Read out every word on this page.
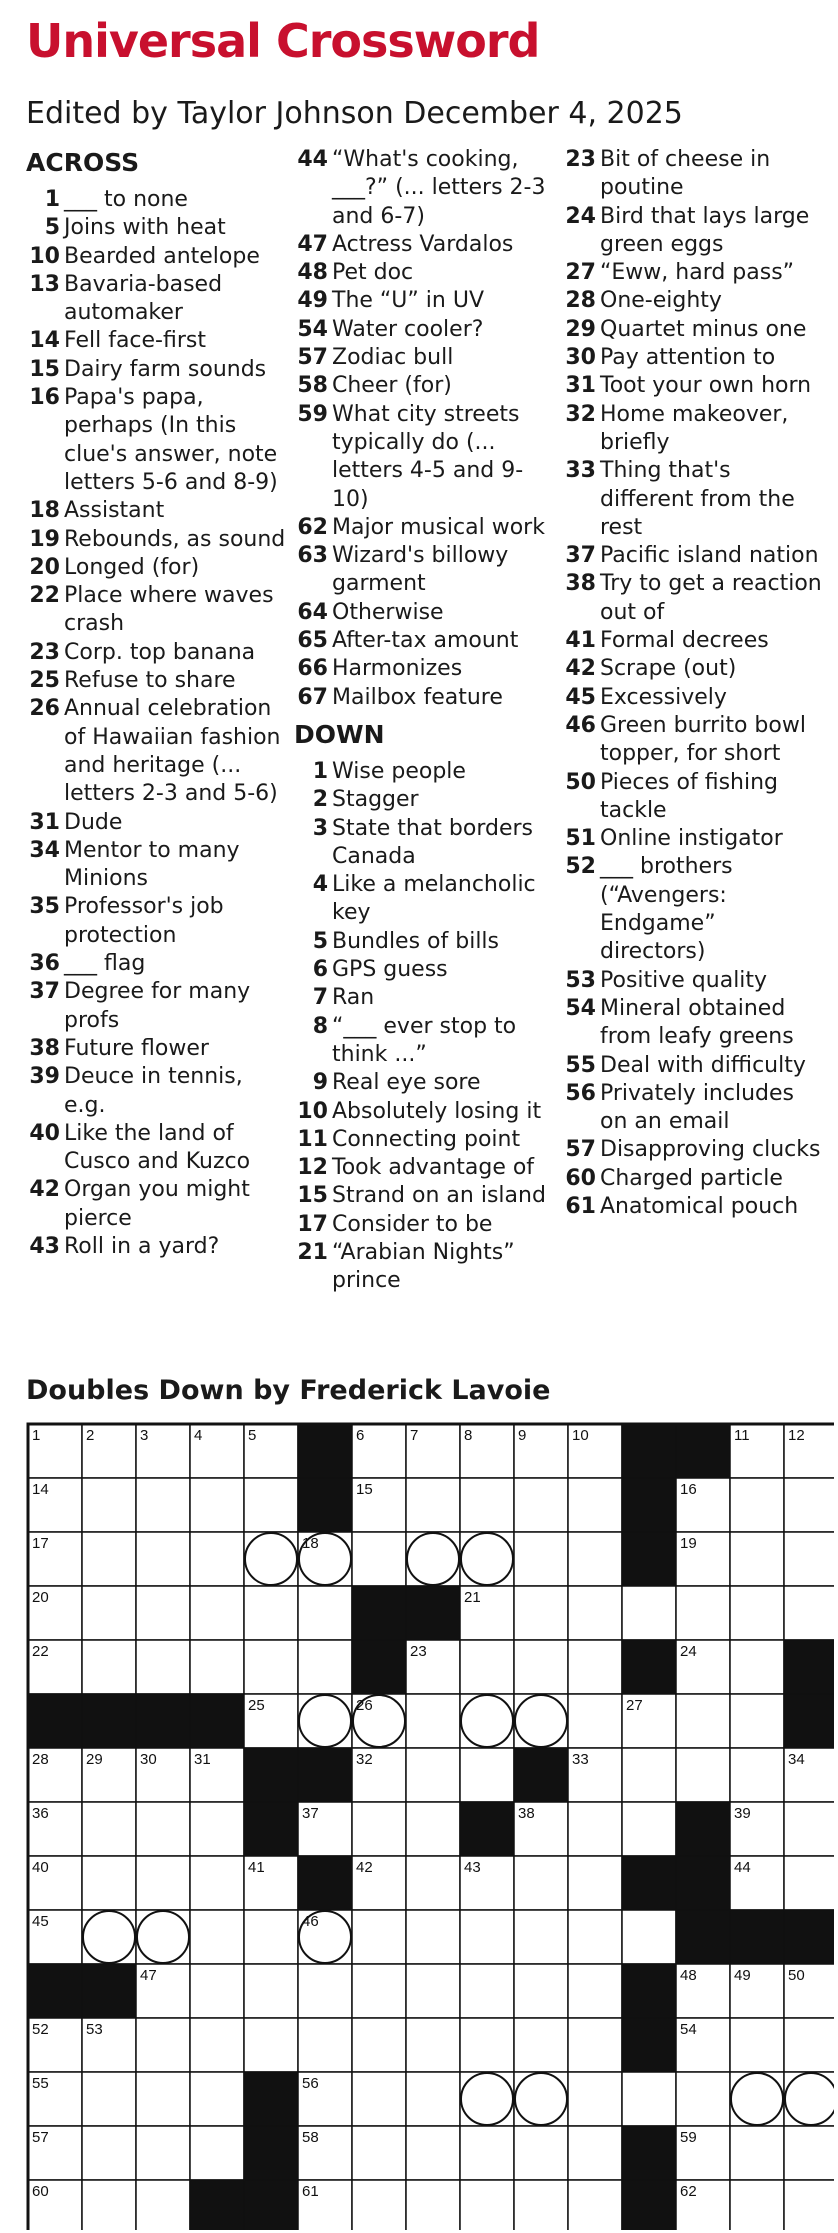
Universal Crossword

Edited by Taylor Johnson December 4, 2025

ACROSS
1 ___ to none
5 Joins with heat
10 Bearded antelope
13 Bavaria-based automaker
14 Fell face-first
15 Dairy farm sounds
16 Papa's papa, perhaps (In this clue's answer, note letters 5-6 and 8-9)
18 Assistant
19 Rebounds, as sound
20 Longed (for)
22 Place where waves crash
23 Corp. top banana
25 Refuse to share
26 Annual celebration of Hawaiian fashion and heritage (... letters 2-3 and 5-6)
31 Dude
34 Mentor to many Minions
35 Professor's job protection
36 ___ flag
37 Degree for many profs
38 Future flower
39 Deuce in tennis, e.g.
40 Like the land of Cusco and Kuzco
42 Organ you might pierce
43 Roll in a yard?
44 “What's cooking, ___?” (... letters 2-3 and 6-7)
47 Actress Vardalos
48 Pet doc
49 The “U” in UV
54 Water cooler?
57 Zodiac bull
58 Cheer (for)
59 What city streets typically do (... letters 4-5 and 9-10)
62 Major musical work
63 Wizard's billowy garment
64 Otherwise
65 After-tax amount
66 Harmonizes
67 Mailbox feature
DOWN
1 Wise people
2 Stagger
3 State that borders Canada
4 Like a melancholic key
5 Bundles of bills
6 GPS guess
7 Ran
8 “___ ever stop to think ...”
9 Real eye sore
10 Absolutely losing it
11 Connecting point
12 Took advantage of
15 Strand on an island
17 Consider to be
21 “Arabian Nights” prince
23 Bit of cheese in poutine
24 Bird that lays large green eggs
27 “Eww, hard pass”
28 One-eighty
29 Quartet minus one
30 Pay attention to
31 Toot your own horn
32 Home makeover, briefly
33 Thing that's different from the rest
37 Pacific island nation
38 Try to get a reaction out of
41 Formal decrees
42 Scrape (out)
45 Excessively
46 Green burrito bowl topper, for short
50 Pieces of fishing tackle
51 Online instigator
52 ___ brothers (“Avengers: Endgame” directors)
53 Positive quality
54 Mineral obtained from leafy greens
55 Deal with difficulty
56 Privately includes on an email
57 Disapproving clucks
60 Charged particle
61 Anatomical pouch
Doubles Down by Frederick Lavoie
1	2	3	4	5	6	7	8	9	10	11	12
14	15	16
17	18	19
20	21
22	23	24
25	26	27
28 29 30 31	32	33	34
36	37	38	39
40	41	42	43	44
45	46
47	48 49 50
52 53	54
55	56
57	58	59
60	61	62
